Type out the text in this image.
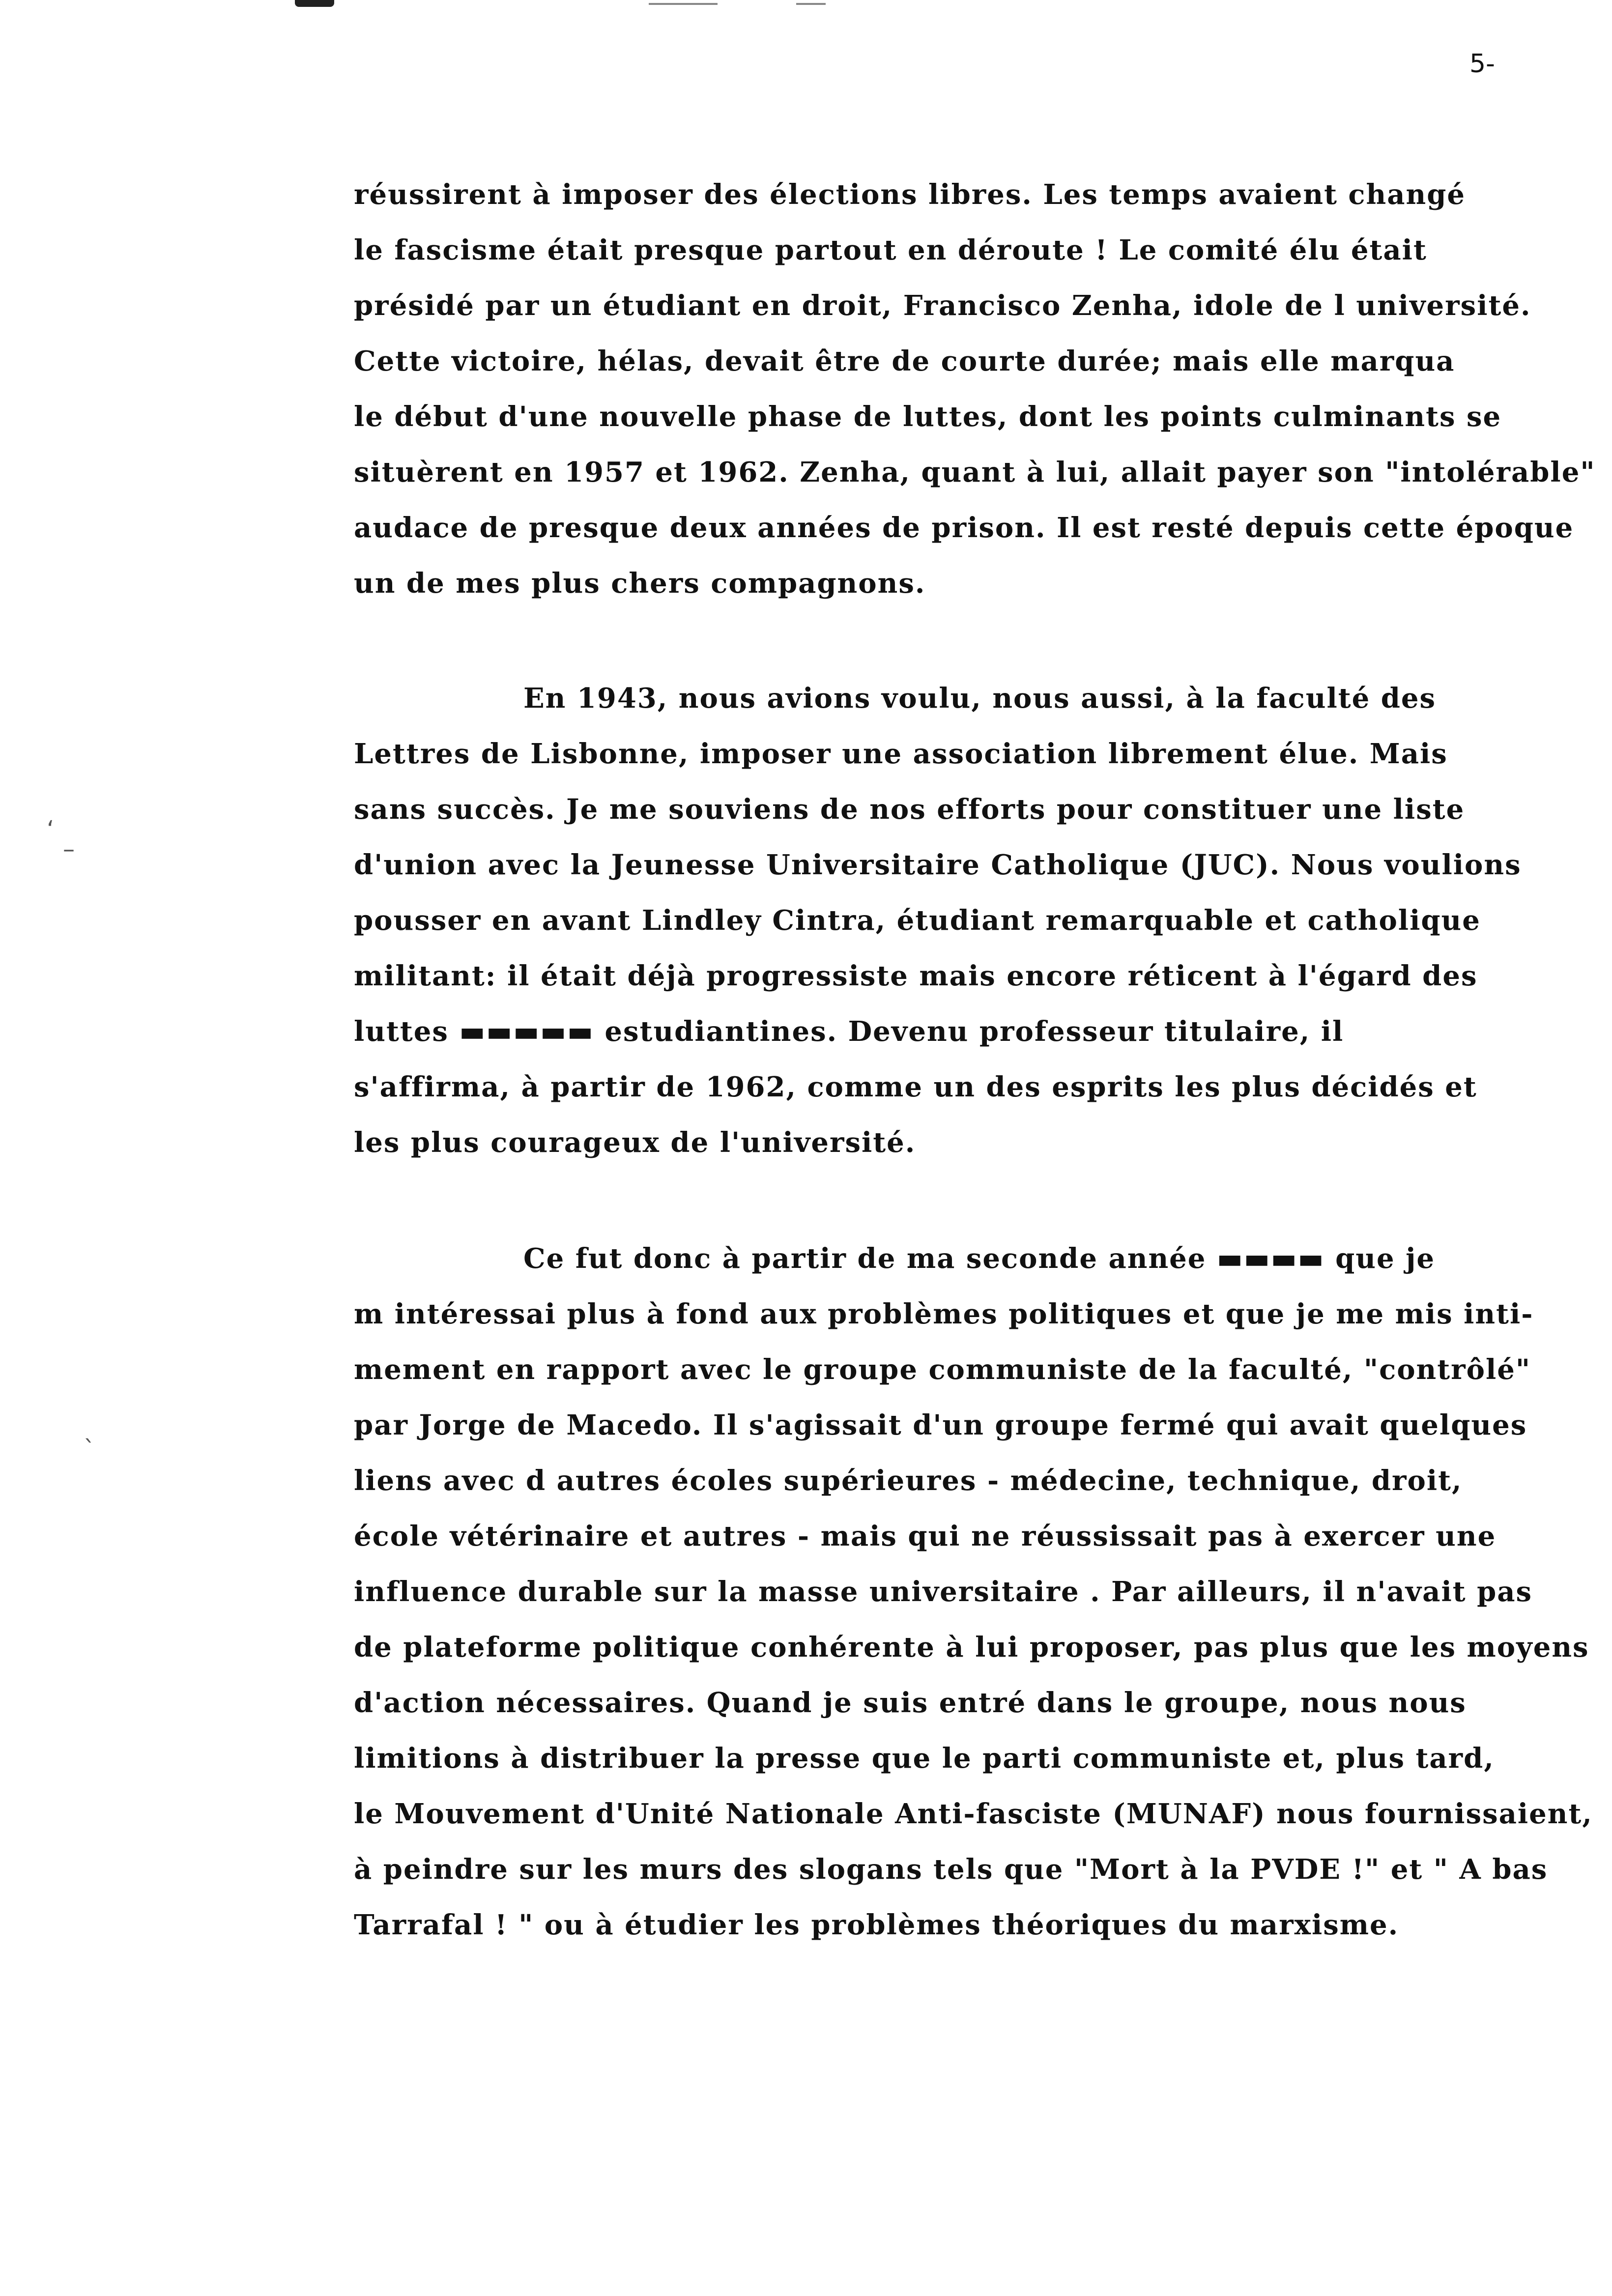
5-
‘
–
ˎ
réussirent à imposer des élections libres. Les temps avaient changé
le fascisme était presque partout en déroute ! Le comité élu était
présidé par un étudiant en droit, Francisco Zenha, idole de l université.
Cette victoire, hélas, devait être de courte durée; mais elle marqua
le début d'une nouvelle phase de luttes, dont les points culminants se
situèrent en 1957 et 1962. Zenha, quant à lui, allait payer son "intolérable"
audace de presque deux années de prison. Il est resté depuis cette époque
un de mes plus chers compagnons.
En 1943, nous avions voulu, nous aussi, à la faculté des
Lettres de Lisbonne, imposer une association librement élue. Mais
sans succès. Je me souviens de nos efforts pour constituer une liste
d'union avec la Jeunesse Universitaire Catholique (JUC). Nous voulions
pousser en avant Lindley Cintra, étudiant remarquable et catholique
militant: il était déjà progressiste mais encore réticent à l'égard des
luttes ▬▬▬▬▬ estudiantines. Devenu professeur titulaire, il
s'affirma, à partir de 1962, comme un des esprits les plus décidés et
les plus courageux de l'université.
Ce fut donc à partir de ma seconde année ▬▬▬▬ que je
m intéressai plus à fond aux problèmes politiques et que je me mis inti-
mement en rapport avec le groupe communiste de la faculté, "contrôlé"
par Jorge de Macedo. Il s'agissait d'un groupe fermé qui avait quelques
liens avec d autres écoles supérieures - médecine, technique, droit,
école vétérinaire et autres - mais qui ne réussissait pas à exercer une
influence durable sur la masse universitaire . Par ailleurs, il n'avait pas
de plateforme politique conhérente à lui proposer, pas plus que les moyens
d'action nécessaires. Quand je suis entré dans le groupe, nous nous
limitions à distribuer la presse que le parti communiste et, plus tard,
le Mouvement d'Unité Nationale Anti-fasciste (MUNAF) nous fournissaient,
à peindre sur les murs des slogans tels que "Mort à la PVDE !" et " A bas
Tarrafal ! " ou à étudier les problèmes théoriques du marxisme.
